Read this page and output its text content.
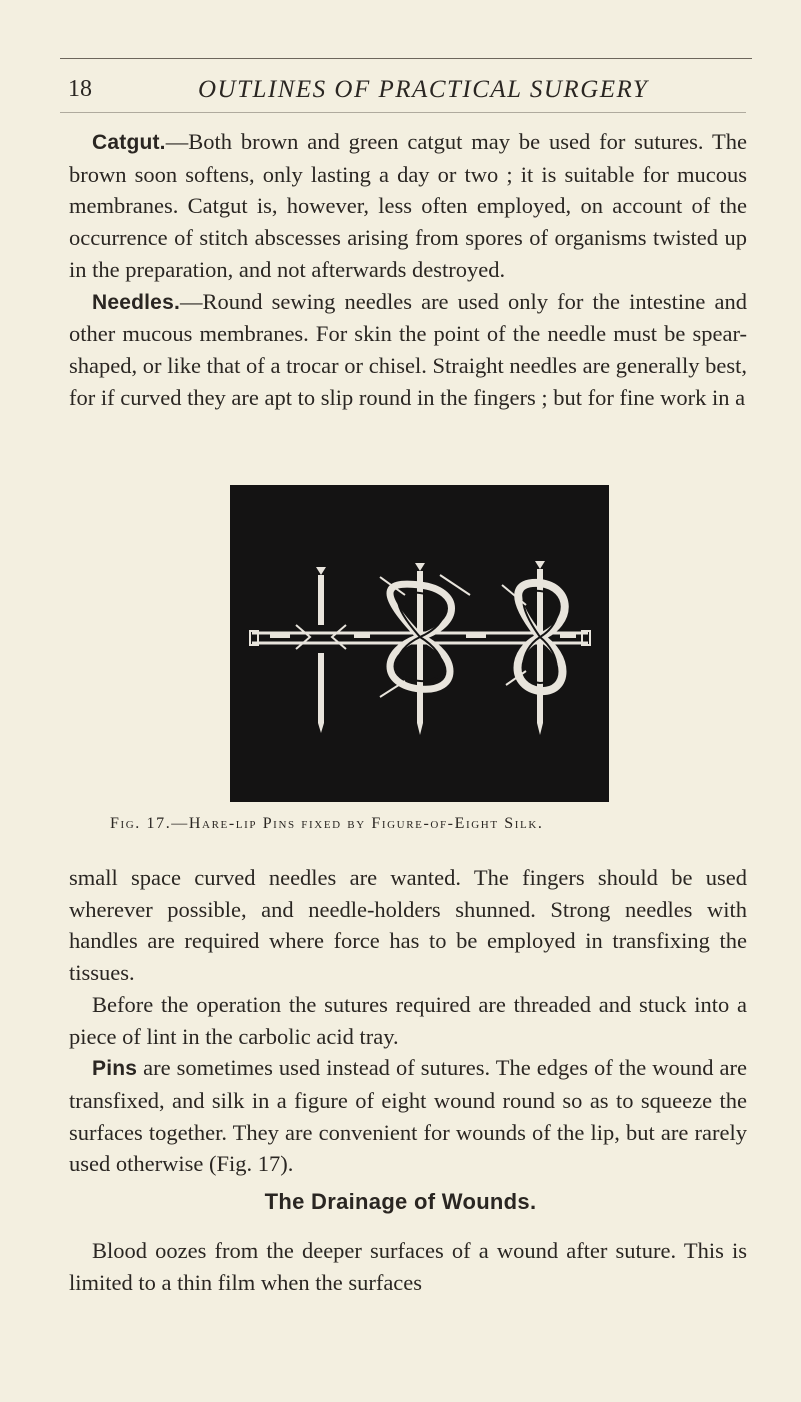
18	OUTLINES OF PRACTICAL SURGERY

Catgut.—Both brown and green catgut may be used for sutures. The brown soon softens, only lasting a day or two ; it is suitable for mucous membranes. Catgut is, however, less often employed, on account of the occurrence of stitch abscesses arising from spores of organisms twisted up in the preparation, and not afterwards destroyed.

Needles.—Round sewing needles are used only for the intestine and other mucous membranes. For skin the point of the needle must be spear-shaped, or like that of a trocar or chisel. Straight needles are generally best, for if curved they are apt to slip round in the fingers ; but for fine work in a

Fig. 17.—Hare-lip Pins fixed by Figure-of-Eight Silk.

small space curved needles are wanted. The fingers should be used wherever possible, and needle-holders shunned. Strong needles with handles are required where force has to be employed in transfixing the tissues.

Before the operation the sutures required are threaded and stuck into a piece of lint in the carbolic acid tray.

Pins are sometimes used instead of sutures. The edges of the wound are transfixed, and silk in a figure of eight wound round so as to squeeze the surfaces together. They are convenient for wounds of the lip, but are rarely used otherwise (Fig. 17).

The Drainage of Wounds.

Blood oozes from the deeper surfaces of a wound after suture. This is limited to a thin film when the surfaces
